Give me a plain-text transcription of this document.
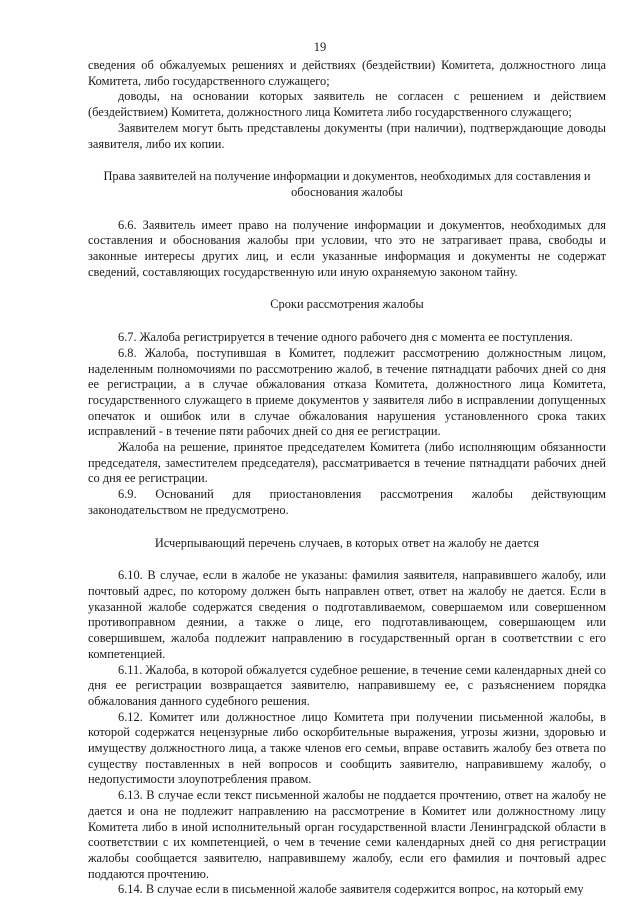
19

сведения об обжалуемых решениях и действиях (бездействии) Комитета, должностного лица Комитета, либо государственного служащего;

доводы, на основании которых заявитель не согласен с решением и действием (бездействием) Комитета, должностного лица Комитета либо государственного служащего;

Заявителем могут быть представлены документы (при наличии), подтверждающие доводы заявителя, либо их копии.

Права заявителей на получение информации и документов, необходимых для составления и обоснования жалобы

6.6. Заявитель имеет право на получение информации и документов, необходимых для составления и обоснования жалобы при условии, что это не затрагивает права, свободы и законные интересы других лиц, и если указанные информация и документы не содержат сведений, составляющих государственную или иную охраняемую законом тайну.

Сроки рассмотрения жалобы

6.7. Жалоба регистрируется в течение одного рабочего дня с момента ее поступления.

6.8. Жалоба, поступившая в Комитет, подлежит рассмотрению должностным лицом, наделенным полномочиями по рассмотрению жалоб, в течение пятнадцати рабочих дней со дня ее регистрации, а в случае обжалования отказа Комитета, должностного лица Комитета, государственного служащего в приеме документов у заявителя либо в исправлении допущенных опечаток и ошибок или в случае обжалования нарушения установленного срока таких исправлений - в течение пяти рабочих дней со дня ее регистрации.

Жалоба на решение, принятое председателем Комитета (либо исполняющим обязанности председателя, заместителем председателя), рассматривается в течение пятнадцати рабочих дней со дня ее регистрации.

6.9. Оснований для приостановления рассмотрения жалобы действующим законодательством не предусмотрено.

Исчерпывающий перечень случаев, в которых ответ на жалобу не дается

6.10. В случае, если в жалобе не указаны: фамилия заявителя, направившего жалобу, или почтовый адрес, по которому должен быть направлен ответ, ответ на жалобу не дается. Если в указанной жалобе содержатся сведения о подготавливаемом, совершаемом или совершенном противоправном деянии, а также о лице, его подготавливающем, совершающем или совершившем, жалоба подлежит направлению в государственный орган в соответствии с его компетенцией.

6.11. Жалоба, в которой обжалуется судебное решение, в течение семи календарных дней со дня ее регистрации возвращается заявителю, направившему ее, с разъяснением порядка обжалования данного судебного решения.

6.12. Комитет или должностное лицо Комитета при получении письменной жалобы, в которой содержатся нецензурные либо оскорбительные выражения, угрозы жизни, здоровью и имуществу должностного лица, а также членов его семьи, вправе оставить жалобу без ответа по существу поставленных в ней вопросов и сообщить заявителю, направившему жалобу, о недопустимости злоупотребления правом.

6.13. В случае если текст письменной жалобы не поддается прочтению, ответ на жалобу не дается и она не подлежит направлению на рассмотрение в Комитет или должностному лицу Комитета либо в иной исполнительный орган государственной власти Ленинградской области в соответствии с их компетенцией, о чем в течение семи календарных дней со дня регистрации жалобы сообщается заявителю, направившему жалобу, если его фамилия и почтовый адрес поддаются прочтению.

6.14. В случае если в письменной жалобе заявителя содержится вопрос, на который ему
